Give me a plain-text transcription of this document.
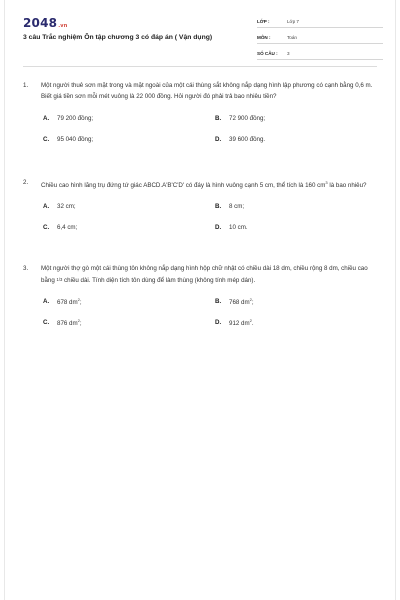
2048.vn
3 câu Trắc nghiệm Ôn tập chương 3 có đáp án ( Vận dụng)
LỚP :	Lớp 7
MÔN :	Toán
SỐ CÂU :	3
1.	Một người thuê sơn mặt trong và mặt ngoài của một cái thùng sắt không nắp dạng hình lập phương có cạnh bằng 0,6 m. Biết giá tiền sơn mỗi mét vuông là 22 000 đồng. Hỏi người đó phải trả bao nhiêu tiền?
A.	79 200 đồng;	B.	72 900 đồng;
C.	95 040 đồng;	D.	39 600 đồng.
2.	Chiều cao hình lăng trụ đứng tứ giác ABCD.A'B'C'D' có đáy là hình vuông cạnh 5 cm, thể tích là 160 $cm^3$ là bao nhiêu?
A.	32 cm;	B.	8 cm;
C.	6,4 cm;	D.	10 cm.
3.	Một người thợ gò một cái thùng tôn không nắp dạng hình hộp chữ nhật có chiều dài 18 dm, chiều rộng 8 dm, chiều cao bằng 1/3 chiều dài. Tính diện tích tôn dùng để làm thùng (không tính mép dán).
A.	678 $dm^2$;	B.	768 $dm^2$;
C.	876 $dm^2$;	D.	912 $dm^2$.
